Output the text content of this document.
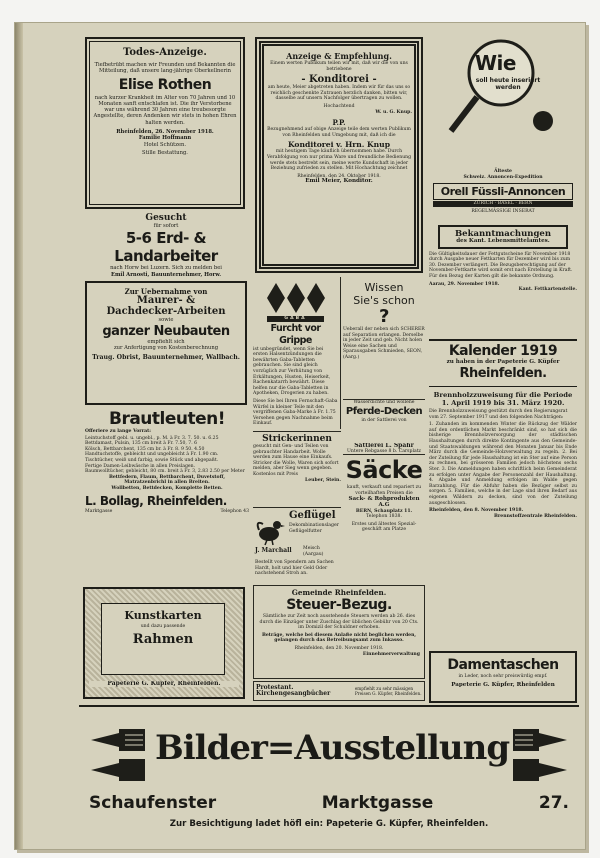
Todes-Anzeige.
Tiefbetrübt machen wir Freunden und Bekannten die Mitteilung, daß unsere lang-jährige Oberkellnerin
Elise Rothen
nach kurzer Krankheit im Alter von 70 Jahren und 10 Monaten sanft entschlafen ist. Die ihr Verstorbene war uns während 30 Jahren eine treubesorgte Angestellte, deren Andenken wir stets in hohen Ehren halten werden.
Rheinfelden, 26. November 1918.
Familie Hoffmann
Hotel Schützen.
Stille Bestattung.
Gesucht
für sofort
5-6 Erd- & Landarbeiter
nach Horw bei Luzern. Sich zu melden bei
Emil Arnosti, Bauunternehmer, Horw.
Zur Uebernahme von
Maurer- &
Dachdecker-Arbeiten
sowie
ganzer Neubauten
empfiehlt sich
zur Anfertigung von Kostenberechnung
Traug. Obrist, Bauunternehmer, Wallbach.
Brautleuten!
Offeriere zu lange Vorrat:
Leintuchstoff gebl. u. ungebl., p. M. à Fr. 3. 7. 50. u. 6.25
Bettdamast, Pulsin, 135 cm breit à Fr. 7.50, 7. 6
Kölsch, Bettbarchent, 135 cm br. à Fr. 8. 9 50. 4.50
Handtuchstoffe, gebleicht und ungebleicht à Fr. 1.90 cm.
Tischtücher, weiß und farbig, sowie Stück und abgepaßt.
Fertige Damen-Leibwäsche in allen Preislagen.
Baumwolltücher, gebleicht, 80 cm. breit à Fr. 3, 2.83 2.50 per Meter
Bettfedern, Flaum, Bettbarchent, Duvetstoff,
Matratzenbrichl in allen Breiten.
Wollbetten, Bettdecken, Komplette Betten.
L. Bollag, Rheinfelden.
Marktgasse	Telephon 43
Kunstkarten
und dazu passende
Rahmen
Papeterie G. Küpfer, Rheinfelden.
Anzeige & Empfehlung.
Einem werten Publikum teilen wir mit, daß wir die von uns betriebene
- Konditorei -
am heute, Meier abgetreten haben. Indem wir für das uns so reichlich geschenkte Zutrauen herzlich danken, bitten wir, dasselbe auf unsern Nachfolger übertragen zu wollen.
Hochachtend
W. u. G. Knup.
P.P.
Bezugnehmend auf obige Anzeige teile dem werten Publikum von Rheinfelden und Umgebung mit, daß ich die
Konditorei v. Hrn. Knup
mit heutigem Tage käuflich übernommen habe. Durch Verabfolgung von nur prima Ware und freundliche Bedienung werde stets bestrebt sein, meine werte Kundschaft in jeder Beziehung zufrieden zu stellen. Mit Hochachtung zeichnet
Rheinfelden, den 24. Oktober 1918.
Emil Meier, Konditor.
GABA
Furcht vor Grippe
ist unbegründet, wenn Sie bei ersten Halsentzündungen die bewährten Gaba-Tabletten gebrauchen. Sie sind gleich vorzüglich zur Verhütung von Erkältungen, Husten, Heiserkeit, Rachenkatarrh bewährt. Diese helfen nur die Gaba-Tabletten in Apotheken, Drogerien zu haben.
Diese Sie bei Ihren Fernschaft-Gaba Würfel in kleiner Teile mit den vergriffenen Gaba-Marke à Fr. 1.75 Versehen gegen Nachnahme beim Einkauf.
Wissen
Sie's schon
?
Ueberall der neben sich SCHERER auf Separation erlangen. Derselbe in jeder Zeit und geb. Nicht holen Weise eine Sachen und Sparausgaben Schmieden, SEON, (Aarg.)
Wasserdichte und wollene
Pferde-Decken
in der Sattlerei von
Sattlerei L. Spahr
Untere Rebgasse 8 b. Carsplatz
Säcke
kauft, verkauft und repariert zu vorteilhaften Preisen die
Sack- & Rohprodukten A.G
BERN, Schauplatz 11.
Telephon 1838.
Erstes und ältestes Spezial-geschäft am Platze
Strickerinnen
gesucht mit Gen- und Teilen von gebrauchter Handarbeit. Wolle werden zum Hause eine Einkaufs. Stricker die Wolle, Waren sich sofort melden, aber Sieg wenn gegeben. Kostenlos mit Preis
Leuber, Stein.
Geflügel
Dekombinationslager
Geflügelfutter
J. Marchall Meisch
(Aargau)
Bestellt von Spendern am Sachen Hardt, holt und hier Geld Oder nachstehend Stroh an.
Gemeinde Rheinfelden.
Steuer-Bezug.
Sämtliche zur Zeit noch ausstehende Steuern werden ab 26. dies durch die Einzüger unter Zuschlag der üblichen Gebühr von 20 Cts. im Domizil der Schuldner erhoben.
Beträge, welche bei diesem Anlaße nicht beglichen werden, gelangen durch das Betreibungsamt zum Inkasso.
Rheinfelden, den 20. November 1918.
Einnehmerverwaltung
Protestant. Kirchengesangbücher
empfiehlt zu sehr mässigen Preisen G. Küpfer, Rheinfelden.
Wie
soll heute inseriert werden
Älteste
Schweiz. Annoncen-Expedition
Orell Füssli-Annoncen
ZÜRICH · BASEL · BERN
REGELMÄSSIGE INSERAT
Bekanntmachungen
des Kant. Lebensmittelamtes.
Die Gültigkeitsdauer der Fettgutscheine für November 1918 durch Ausgabe neuer Fettkarten für Dezember wird bis zum 30. Dezember verlängert. Die Bezugsberechtigung auf der November-Fettkarte wird somit erst nach Erstellung in Kraft. Für den Bezug der Karten gilt die bekannte Ordnung.
Aarau, 29. November 1918.
Kant. Fettkartenstelle.
Kalender 1919
zu haben in der Papeterie G. Küpfer
Rheinfelden.
Brennholzzuweisung für die Periode 1. April 1919 bis 31. März 1920.
Die Brennholzzuweisung gestützt durch den Regierungsrat vom 27. September 1917 und den folgenden Nachträgen:
1. Zuhanden im kommenden Winter die Rückzug der Wälder auf den ordentlichen Markt beschränkt sind, so hat sich die bisherige Brennholzversorgung der städtischen Haushaltungen durch direkte Kontingente aus den Gemeinde- und Staatswaldungen während den Monaten Januar bis Ende März durch die Gemeinde-Holzverwaltung zu regeln. 2. Bei der Zuteilung für jede Haushaltung ist ein Ster auf eine Person zu rechnen, bei grösseren Familien jedoch höchstens sechs Ster. 3. Die Anmeldungen haben schriftlich beim Gemeinderat zu erfolgen unter Angabe der Personenzahl der Haushaltung. 4. Abgabe und Anmeldung erfolgen im Walde gegen Barzahlung. Für die Abfuhr haben die Bezüger selbst zu sorgen. 5. Familien, welche in der Lage sind ihren Bedarf aus eigenen Wäldern zu decken, sind von der Zuteilung ausgeschlossen.
Rheinfelden, den 8. November 1918.
Brennstoffzentrale Rheinfelden.
Damentaschen
in Leder, noch sehr preiswürdig empf.
Papeterie G. Küpfer, Rheinfelden
Bilder=Ausstellung
Schaufenster	Marktgasse	27.
Zur Besichtigung ladet höfl ein: Papeterie G. Küpfer, Rheinfelden.
